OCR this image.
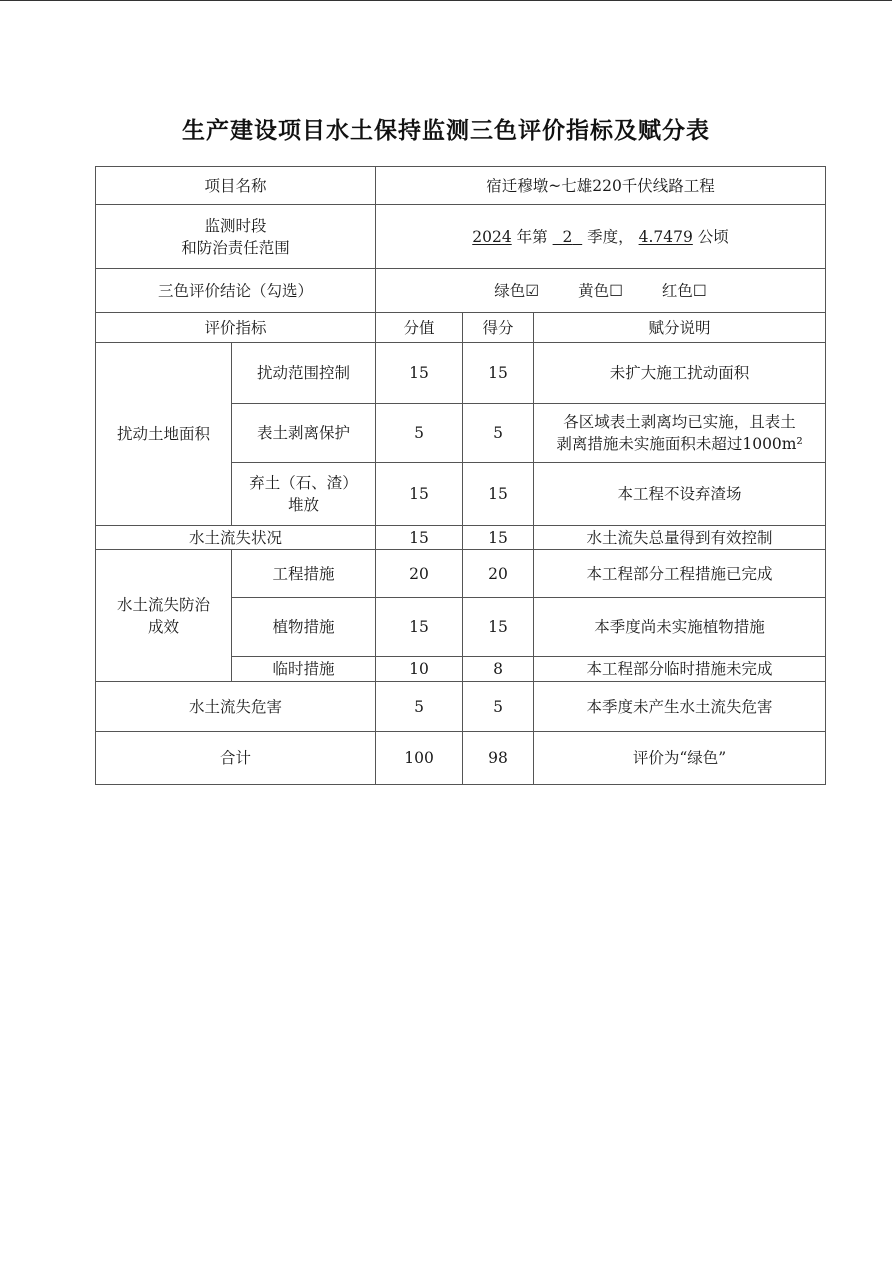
生产建设项目水土保持监测三色评价指标及赋分表
项目名称		宿迁穆墩~七雄220千伏线路工程		
监测时段
和防治责任范围		2024 年第 2 季度， 4.7479 公顷		
三色评价结论（勾选）		绿色☑ 黄色☐ 红色☐		
评价指标		分值	得分	赋分说明
扰动土地面积	扰动范围控制	15	15	未扩大施工扰动面积
	表土剥离保护	5	5	各区域表土剥离均已实施，且表土
剥离措施未实施面积未超过1000m²
	弃土（石、渣）
堆放	15	15	本工程不设弃渣场
水土流失状况		15	15	水土流失总量得到有效控制
水土流失防治
成效	工程措施	20	20	本工程部分工程措施已完成
	植物措施	15	15	本季度尚未实施植物措施
	临时措施	10	8	本工程部分临时措施未完成
水土流失危害		5	5	本季度未产生水土流失危害
合计		100	98	评价为“绿色”
